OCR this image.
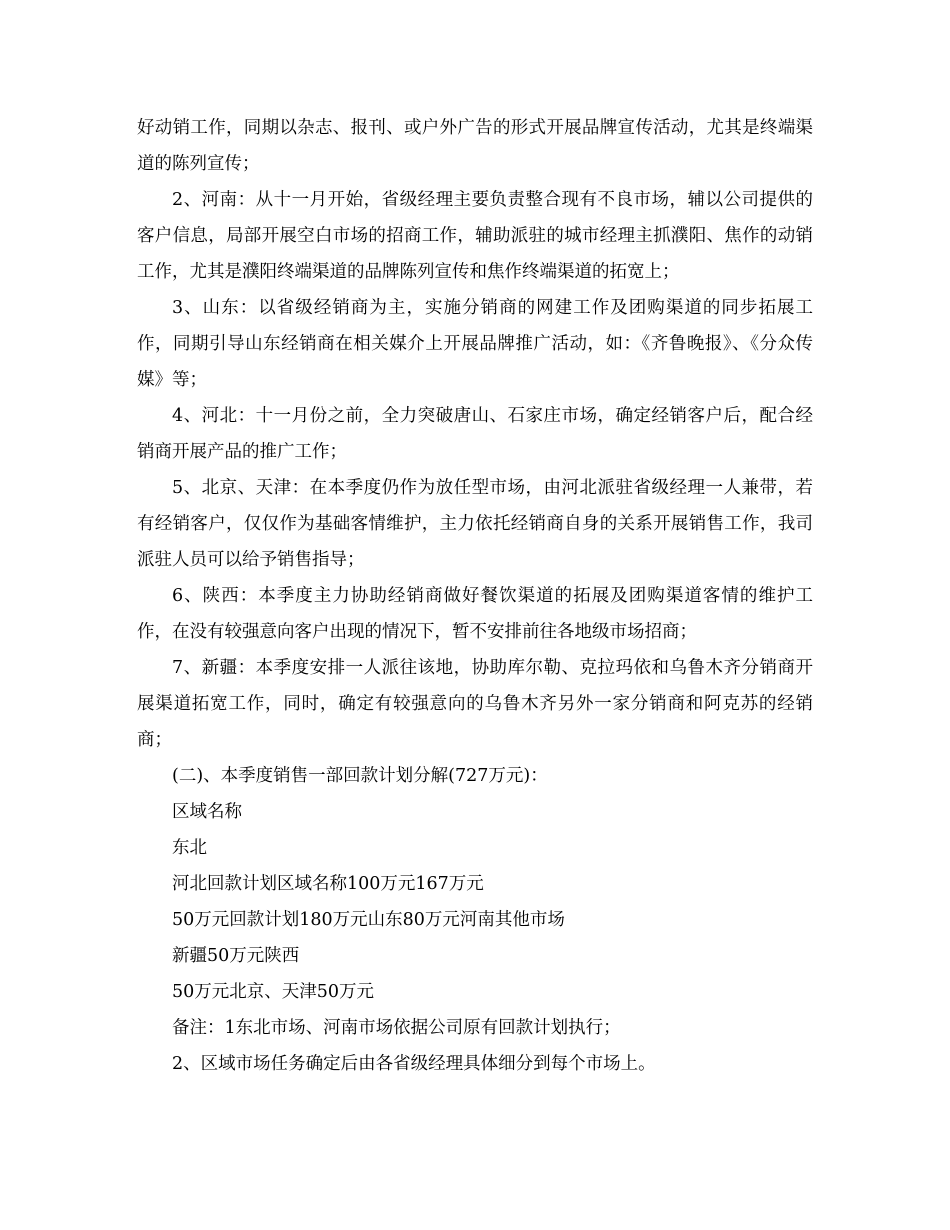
好动销工作，同期以杂志、报刊、或户外广告的形式开展品牌宣传活动，尤其是终端渠道的陈列宣传；

2、河南：从十一月开始，省级经理主要负责整合现有不良市场，辅以公司提供的客户信息，局部开展空白市场的招商工作，辅助派驻的城市经理主抓濮阳、焦作的动销工作，尤其是濮阳终端渠道的品牌陈列宣传和焦作终端渠道的拓宽上；

3、山东：以省级经销商为主，实施分销商的网建工作及团购渠道的同步拓展工作，同期引导山东经销商在相关媒介上开展品牌推广活动，如：《齐鲁晚报》、《分众传媒》等；

4、河北：十一月份之前，全力突破唐山、石家庄市场，确定经销客户后，配合经销商开展产品的推广工作；

5、北京、天津：在本季度仍作为放任型市场，由河北派驻省级经理一人兼带，若有经销客户，仅仅作为基础客情维护，主力依托经销商自身的关系开展销售工作，我司派驻人员可以给予销售指导；

6、陕西：本季度主力协助经销商做好餐饮渠道的拓展及团购渠道客情的维护工作，在没有较强意向客户出现的情况下，暂不安排前往各地级市场招商；

7、新疆：本季度安排一人派往该地，协助库尔勒、克拉玛依和乌鲁木齐分销商开展渠道拓宽工作，同时，确定有较强意向的乌鲁木齐另外一家分销商和阿克苏的经销商；

(二)、本季度销售一部回款计划分解(727万元)：

区域名称

东北

河北回款计划区域名称100万元167万元

50万元回款计划180万元山东80万元河南其他市场

新疆50万元陕西

50万元北京、天津50万元

备注：1东北市场、河南市场依据公司原有回款计划执行；

2、区域市场任务确定后由各省级经理具体细分到每个市场上。
